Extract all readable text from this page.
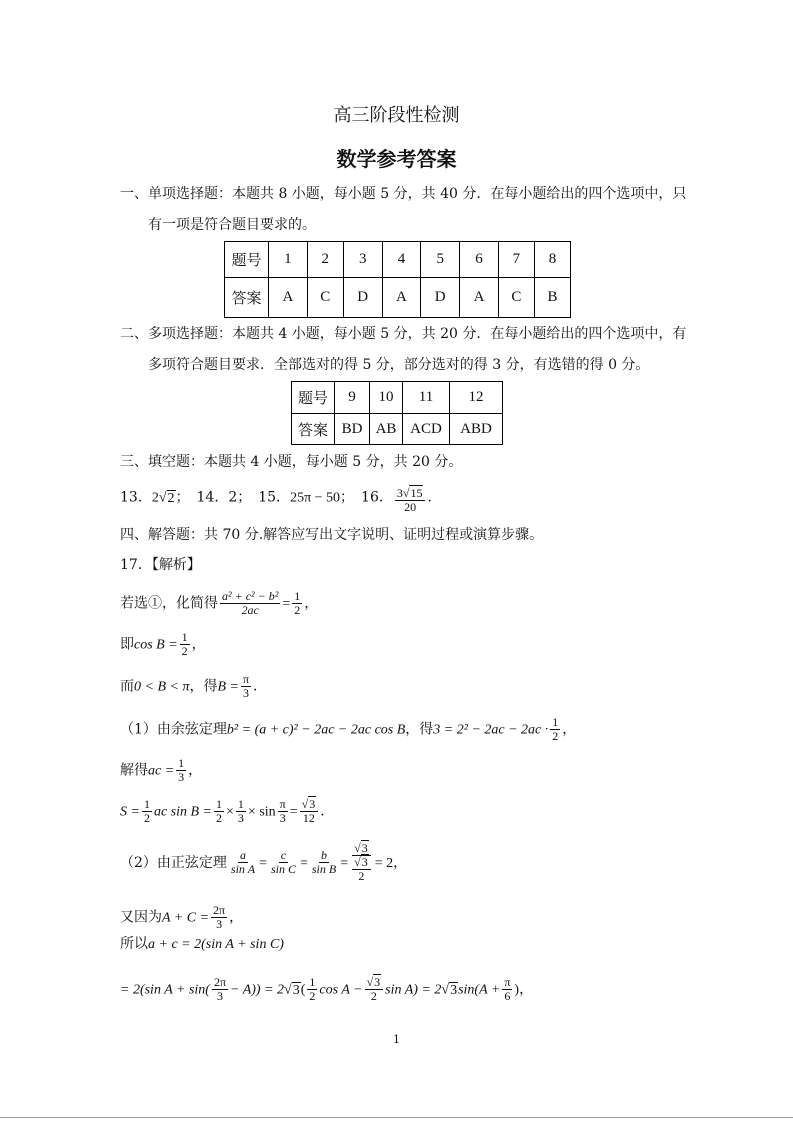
高三阶段性检测
数学参考答案
一、单项选择题：本题共 8 小题，每小题 5 分，共 40 分．在每小题给出的四个选项中，只
有一项是符合题目要求的。
题号	1	2	3	4	5	6	7	8
答案	A	C	D	A	D	A	C	B
二、多项选择题：本题共 4 小题，每小题 5 分，共 20 分．在每小题给出的四个选项中，有
多项符合题目要求．全部选对的得 5 分，部分选对的得 3 分，有选错的得 0 分。
题号	9	10	11	12
答案	BD	AB	ACD	ABD
三、填空题：本题共 4 小题，每小题 5 分，共 20 分。
13．2√2；　14．2；　15．25π − 50；　16． $\frac{3√15}{20}$ ．
四、解答题：共 70 分.解答应写出文字说明、证明过程或演算步骤。
17．【解析】
若选①，化简得 $\frac{\text{a² + c² − b²}}{2ac} = \frac{1}{2}$ ，
即$\cos B = \frac{1}{2}$ ，
而0 < B < π，得$B = \frac{\pi}{3}$ ．
（1）由余弦定理b² = (a + c)² − 2ac − 2ac cos B，得$3 = 2^2 - 2ac - 2ac \cdot \frac{1}{2}$ ，
解得ac = $\frac{1}{3}$ ，
$S = \frac{1}{2}$ ac $\sin B = \frac{1}{2} \times \frac{1}{3} \times \sin \frac{\pi}{3} = \frac{√3}{12}$ ．
（2）由正弦定理 $\frac{a}{\text{sin A}} = \frac{c}{\text{sin C}} = \frac{b}{\text{sin B}} = \frac{√3}{\frac{√3}{2}} = 2$，
又因为$A + C = \frac{2\pi}{3}$ ，
所以a + c = 2(sin A + sin C)
= 2(sin $A + \sin( \frac{2\pi}{3} - A)) = 2√3( \frac{1}{2}$ $\cos A - \frac{√3}{2}$ $\sin A) = 2√3\sin(A + \frac{\pi}{6}$ )，
1
